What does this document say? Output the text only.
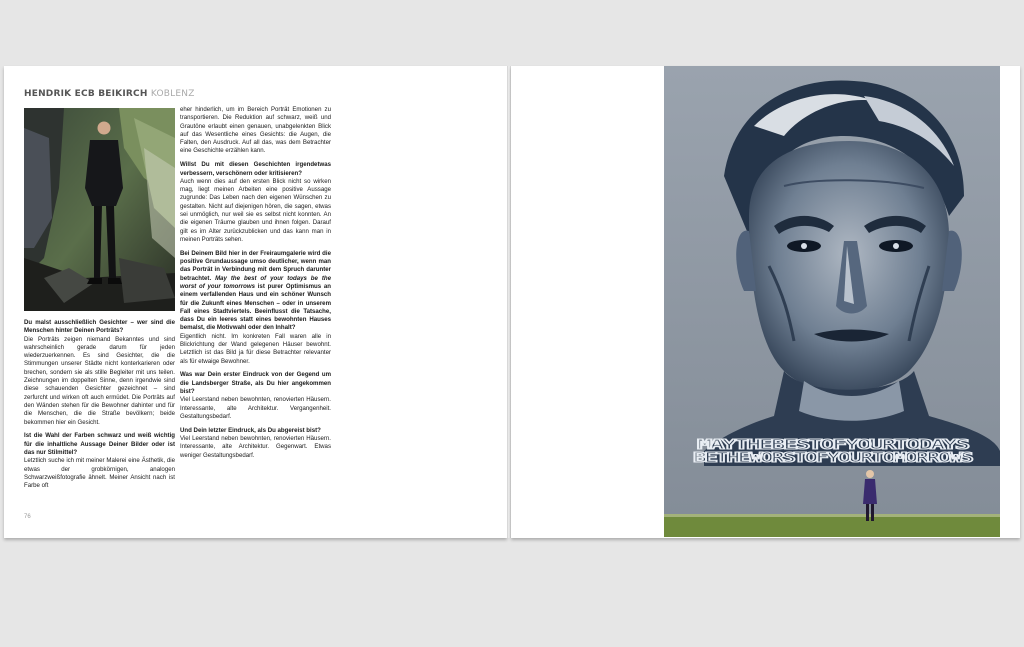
HENDRIK ECB BEIKIRCH KOBLENZ

Du malst ausschließlich Gesichter – wer sind die Menschen hinter Deinen Porträts?
Die Porträts zeigen niemand Bekanntes und sind wahrscheinlich gerade darum für jeden wiederzuerkennen. Es sind Gesichter, die die Stimmungen unserer Städte nicht konterkarieren oder brechen, sondern sie als stille Begleiter mit uns teilen. Zeichnungen im doppelten Sinne, denn irgendwie sind diese schauenden Gesichter gezeichnet – sind zerfurcht und wirken oft auch ermüdet. Die Porträts auf den Wänden stehen für die Bewohner dahinter und für die Menschen, die die Straße bevölkern; beide bekommen hier ein Gesicht.

Ist die Wahl der Farben schwarz und weiß wichtig für die inhaltliche Aussage Deiner Bilder oder ist das nur Stilmittel?
Letztlich suche ich mit meiner Malerei eine Ästhetik, die etwas der grobkörnigen, analogen Schwarzweißfotografie ähnelt. Meiner Ansicht nach ist Farbe oft

eher hinderlich, um im Bereich Porträt Emotionen zu transportieren. Die Reduktion auf schwarz, weiß und Grautöne erlaubt einen genauen, unabgelenkten Blick auf das Wesentliche eines Gesichts: die Augen, die Falten, den Ausdruck. Auf all das, was dem Betrachter eine Geschichte erzählen kann.

Willst Du mit diesen Geschichten irgendetwas verbessern, verschönern oder kritisieren?
Auch wenn dies auf den ersten Blick nicht so wirken mag, liegt meinen Arbeiten eine positive Aussage zugrunde: Das Leben nach den eigenen Wünschen zu gestalten. Nicht auf diejenigen hören, die sagen, etwas sei unmöglich, nur weil sie es selbst nicht konnten. An die eigenen Träume glauben und ihnen folgen. Darauf gilt es im Alter zurückzublicken und das kann man in meinen Porträts sehen.

Bei Deinem Bild hier in der Freiraumgalerie wird die positive Grundaussage umso deutlicher, wenn man das Porträt in Verbindung mit dem Spruch darunter betrachtet. May the best of your todays be the worst of your tomorrows ist purer Optimismus an einem verfallenden Haus und ein schöner Wunsch für die Zukunft eines Menschen – oder in unserem Fall eines Stadtviertels. Beeinflusst die Tatsache, dass Du ein leeres statt eines bewohnten Hauses bemalst, die Motivwahl oder den Inhalt?
Eigentlich nicht. Im konkreten Fall waren alle in Blickrichtung der Wand gelegenen Häuser bewohnt. Letztlich ist das Bild ja für diese Betrachter relevanter als für etwaige Bewohner.

Was war Dein erster Eindruck von der Gegend um die Landsberger Straße, als Du hier angekommen bist?
Viel Leerstand neben bewohnten, renovierten Häusern. Interessante, alte Architektur. Vergangenheit. Gestaltungsbedarf.

Und Dein letzter Eindruck, als Du abgereist bist?
Viel Leerstand neben bewohnten, renovierten Häusern. Interessante, alte Architektur. Gegenwart. Etwas weniger Gestaltungsbedarf.

76
MAYTHEBESTOFYOURTODAYS
BETHEWORSTOFYOURTOMORROWS
